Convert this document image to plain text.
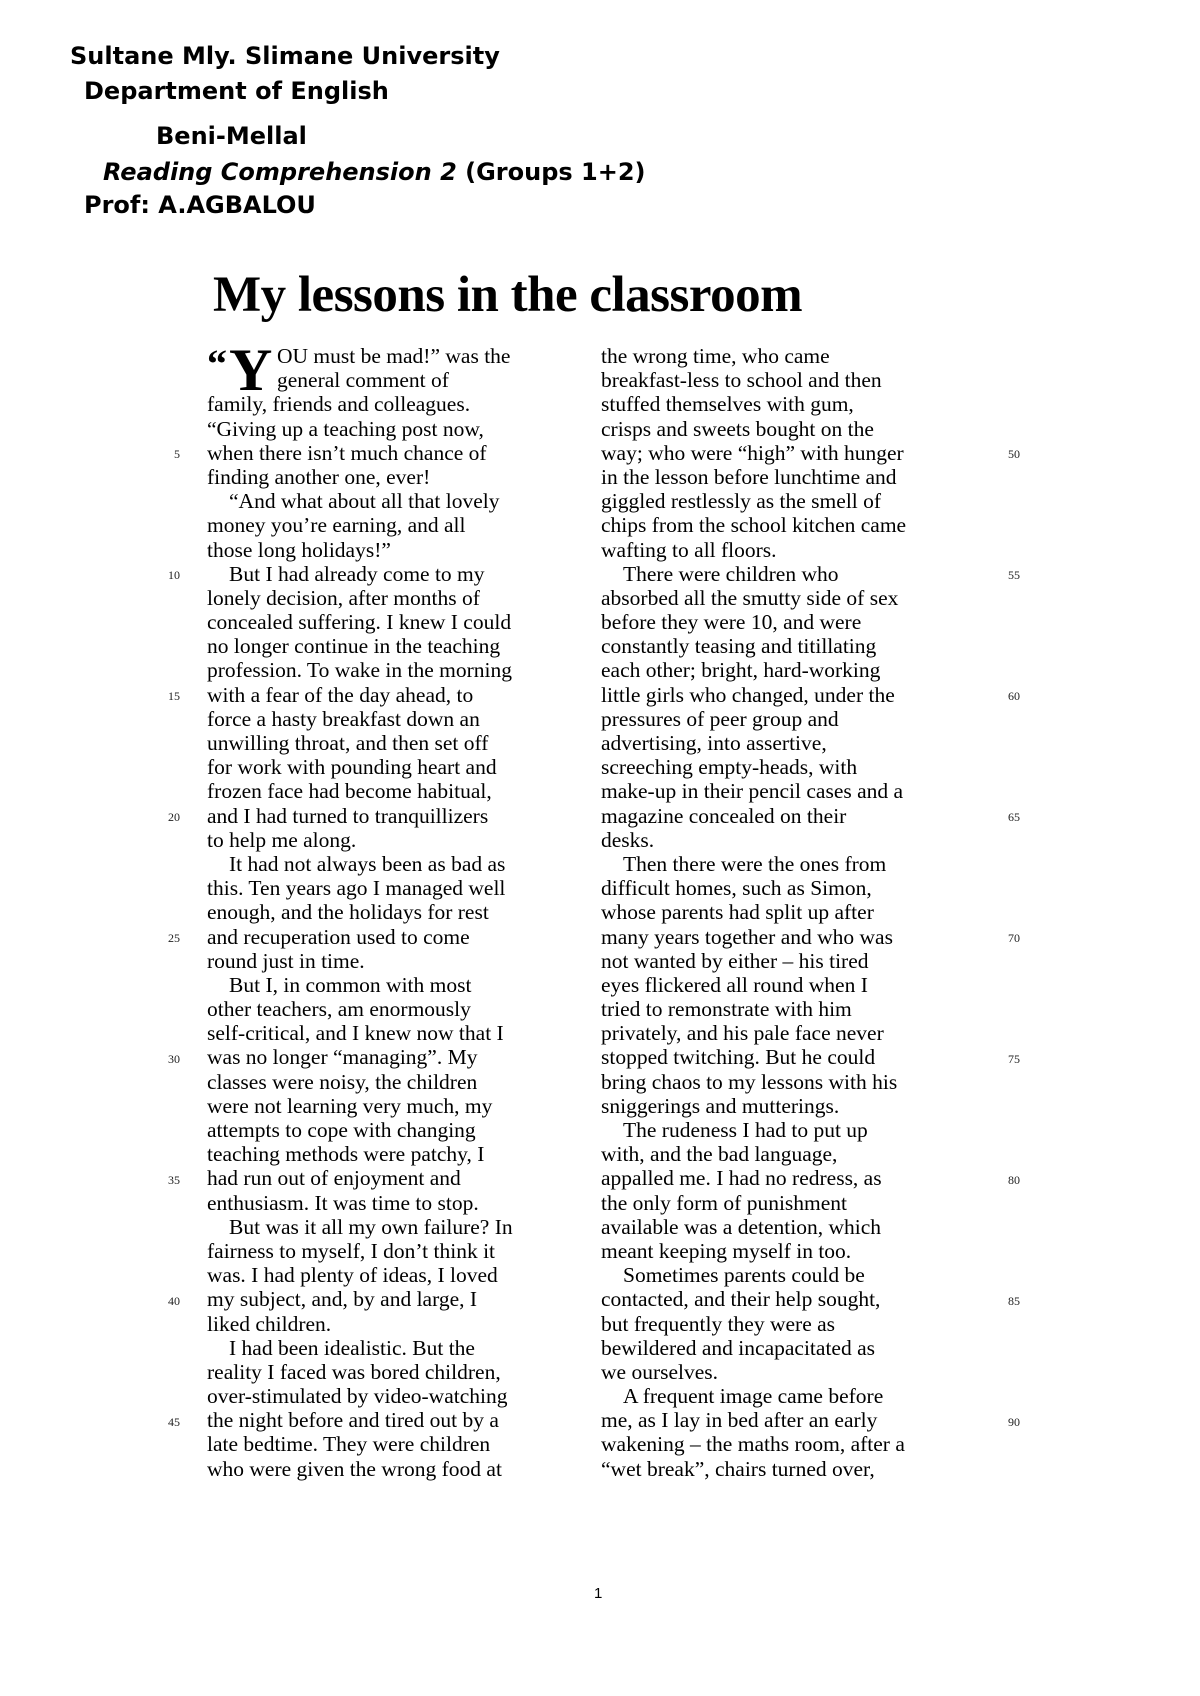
Sultane Mly. Slimane University
Department of English
Beni-Mellal
Reading Comprehension 2 (Groups 1+2)
Prof: A.AGBALOU
My lessons in the classroom
“Y OU must be mad!” was the
general comment of
family, friends and colleagues.
“Giving up a teaching post now,
when there isn’t much chance of
finding another one, ever!
“And what about all that lovely
money you’re earning, and all
those long holidays!”
But I had already come to my
lonely decision, after months of
concealed suffering. I knew I could
no longer continue in the teaching
profession. To wake in the morning
with a fear of the day ahead, to
force a hasty breakfast down an
unwilling throat, and then set off
for work with pounding heart and
frozen face had become habitual,
and I had turned to tranquillizers
to help me along.
It had not always been as bad as
this. Ten years ago I managed well
enough, and the holidays for rest
and recuperation used to come
round just in time.
But I, in common with most
other teachers, am enormously
self-critical, and I knew now that I
was no longer “managing”. My
classes were noisy, the children
were not learning very much, my
attempts to cope with changing
teaching methods were patchy, I
had run out of enjoyment and
enthusiasm. It was time to stop.
But was it all my own failure? In
fairness to myself, I don’t think it
was. I had plenty of ideas, I loved
my subject, and, by and large, I
liked children.
I had been idealistic. But the
reality I faced was bored children,
over-stimulated by video-watching
the night before and tired out by a
late bedtime. They were children
who were given the wrong food at
the wrong time, who came
breakfast-less to school and then
stuffed themselves with gum,
crisps and sweets bought on the
way; who were “high” with hunger
in the lesson before lunchtime and
giggled restlessly as the smell of
chips from the school kitchen came
wafting to all floors.
There were children who
absorbed all the smutty side of sex
before they were 10, and were
constantly teasing and titillating
each other; bright, hard-working
little girls who changed, under the
pressures of peer group and
advertising, into assertive,
screeching empty-heads, with
make-up in their pencil cases and a
magazine concealed on their
desks.
Then there were the ones from
difficult homes, such as Simon,
whose parents had split up after
many years together and who was
not wanted by either – his tired
eyes flickered all round when I
tried to remonstrate with him
privately, and his pale face never
stopped twitching. But he could
bring chaos to my lessons with his
sniggerings and mutterings.
The rudeness I had to put up
with, and the bad language,
appalled me. I had no redress, as
the only form of punishment
available was a detention, which
meant keeping myself in too.
Sometimes parents could be
contacted, and their help sought,
but frequently they were as
bewildered and incapacitated as
we ourselves.
A frequent image came before
me, as I lay in bed after an early
wakening – the maths room, after a
“wet break”, chairs turned over,
5
10
15
20
25
30
35
40
45
50
55
60
65
70
75
80
85
90
1
